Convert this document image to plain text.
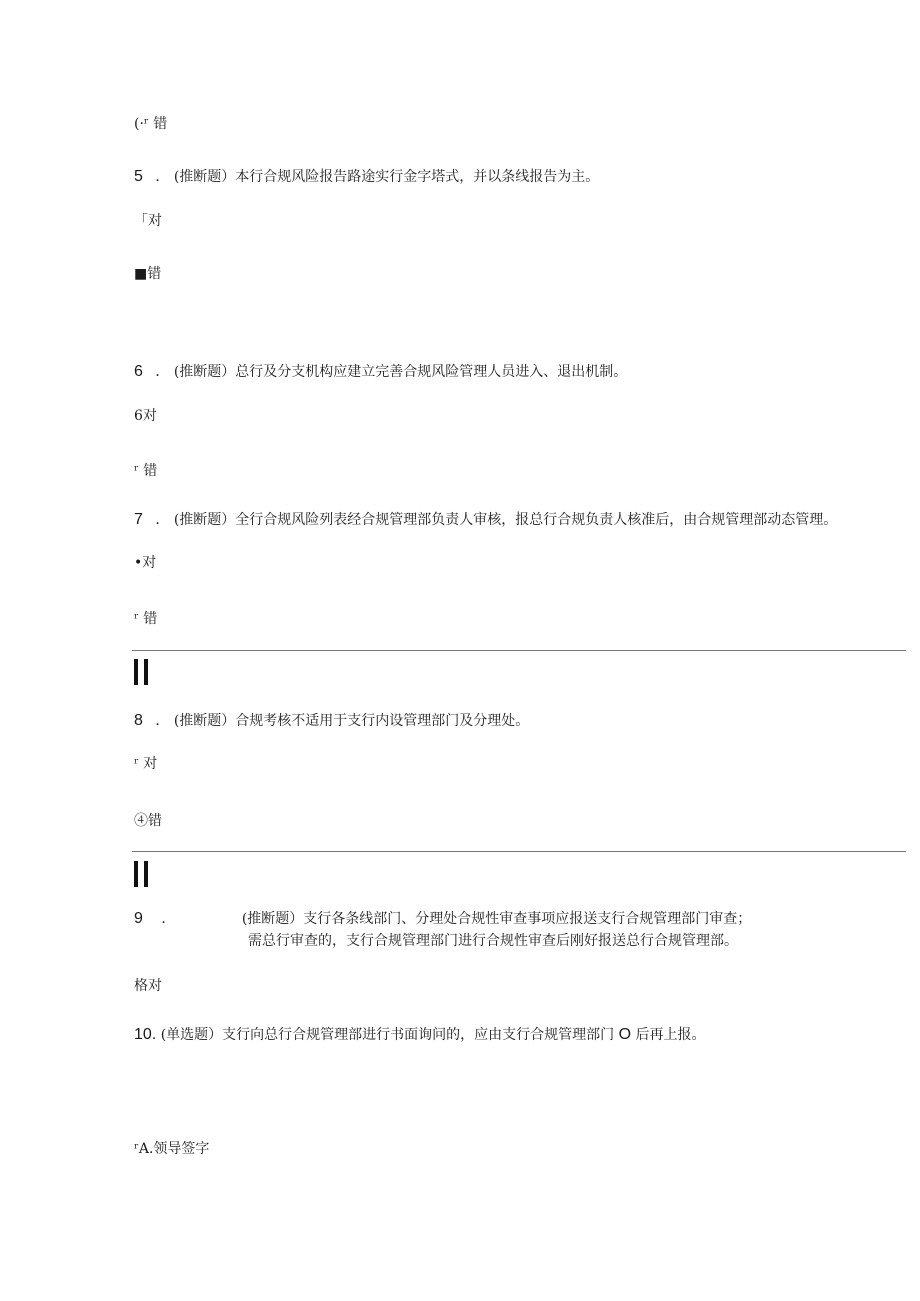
(·ʳ 错
5 ． (推断题）本行合规风险报告路途实行金字塔式，并以条线报告为主。
「对
■错
6 ． (推断题）总行及分支机构应建立完善合规风险管理人员进入、退出机制。
6对
ʳ 错
7 ． (推断题）全行合规风险列表经合规管理部负责人审核，报总行合规负责人核准后，由合规管理部动态管理。
•对
ʳ 错
8 ． (推断题）合规考核不适用于支行内设管理部门及分理处。
ʳ 对
④错
9 ．	(推断题）支行各条线部门、分理处合规性审查事项应报送支行合规管理部门审查；
需总行审查的，支行合规管理部门进行合规性审查后刚好报送总行合规管理部。
格对
10. (单选题）支行向总行合规管理部进行书面询问的，应由支行合规管理部门 O 后再上报。
ʳA.领导签字
